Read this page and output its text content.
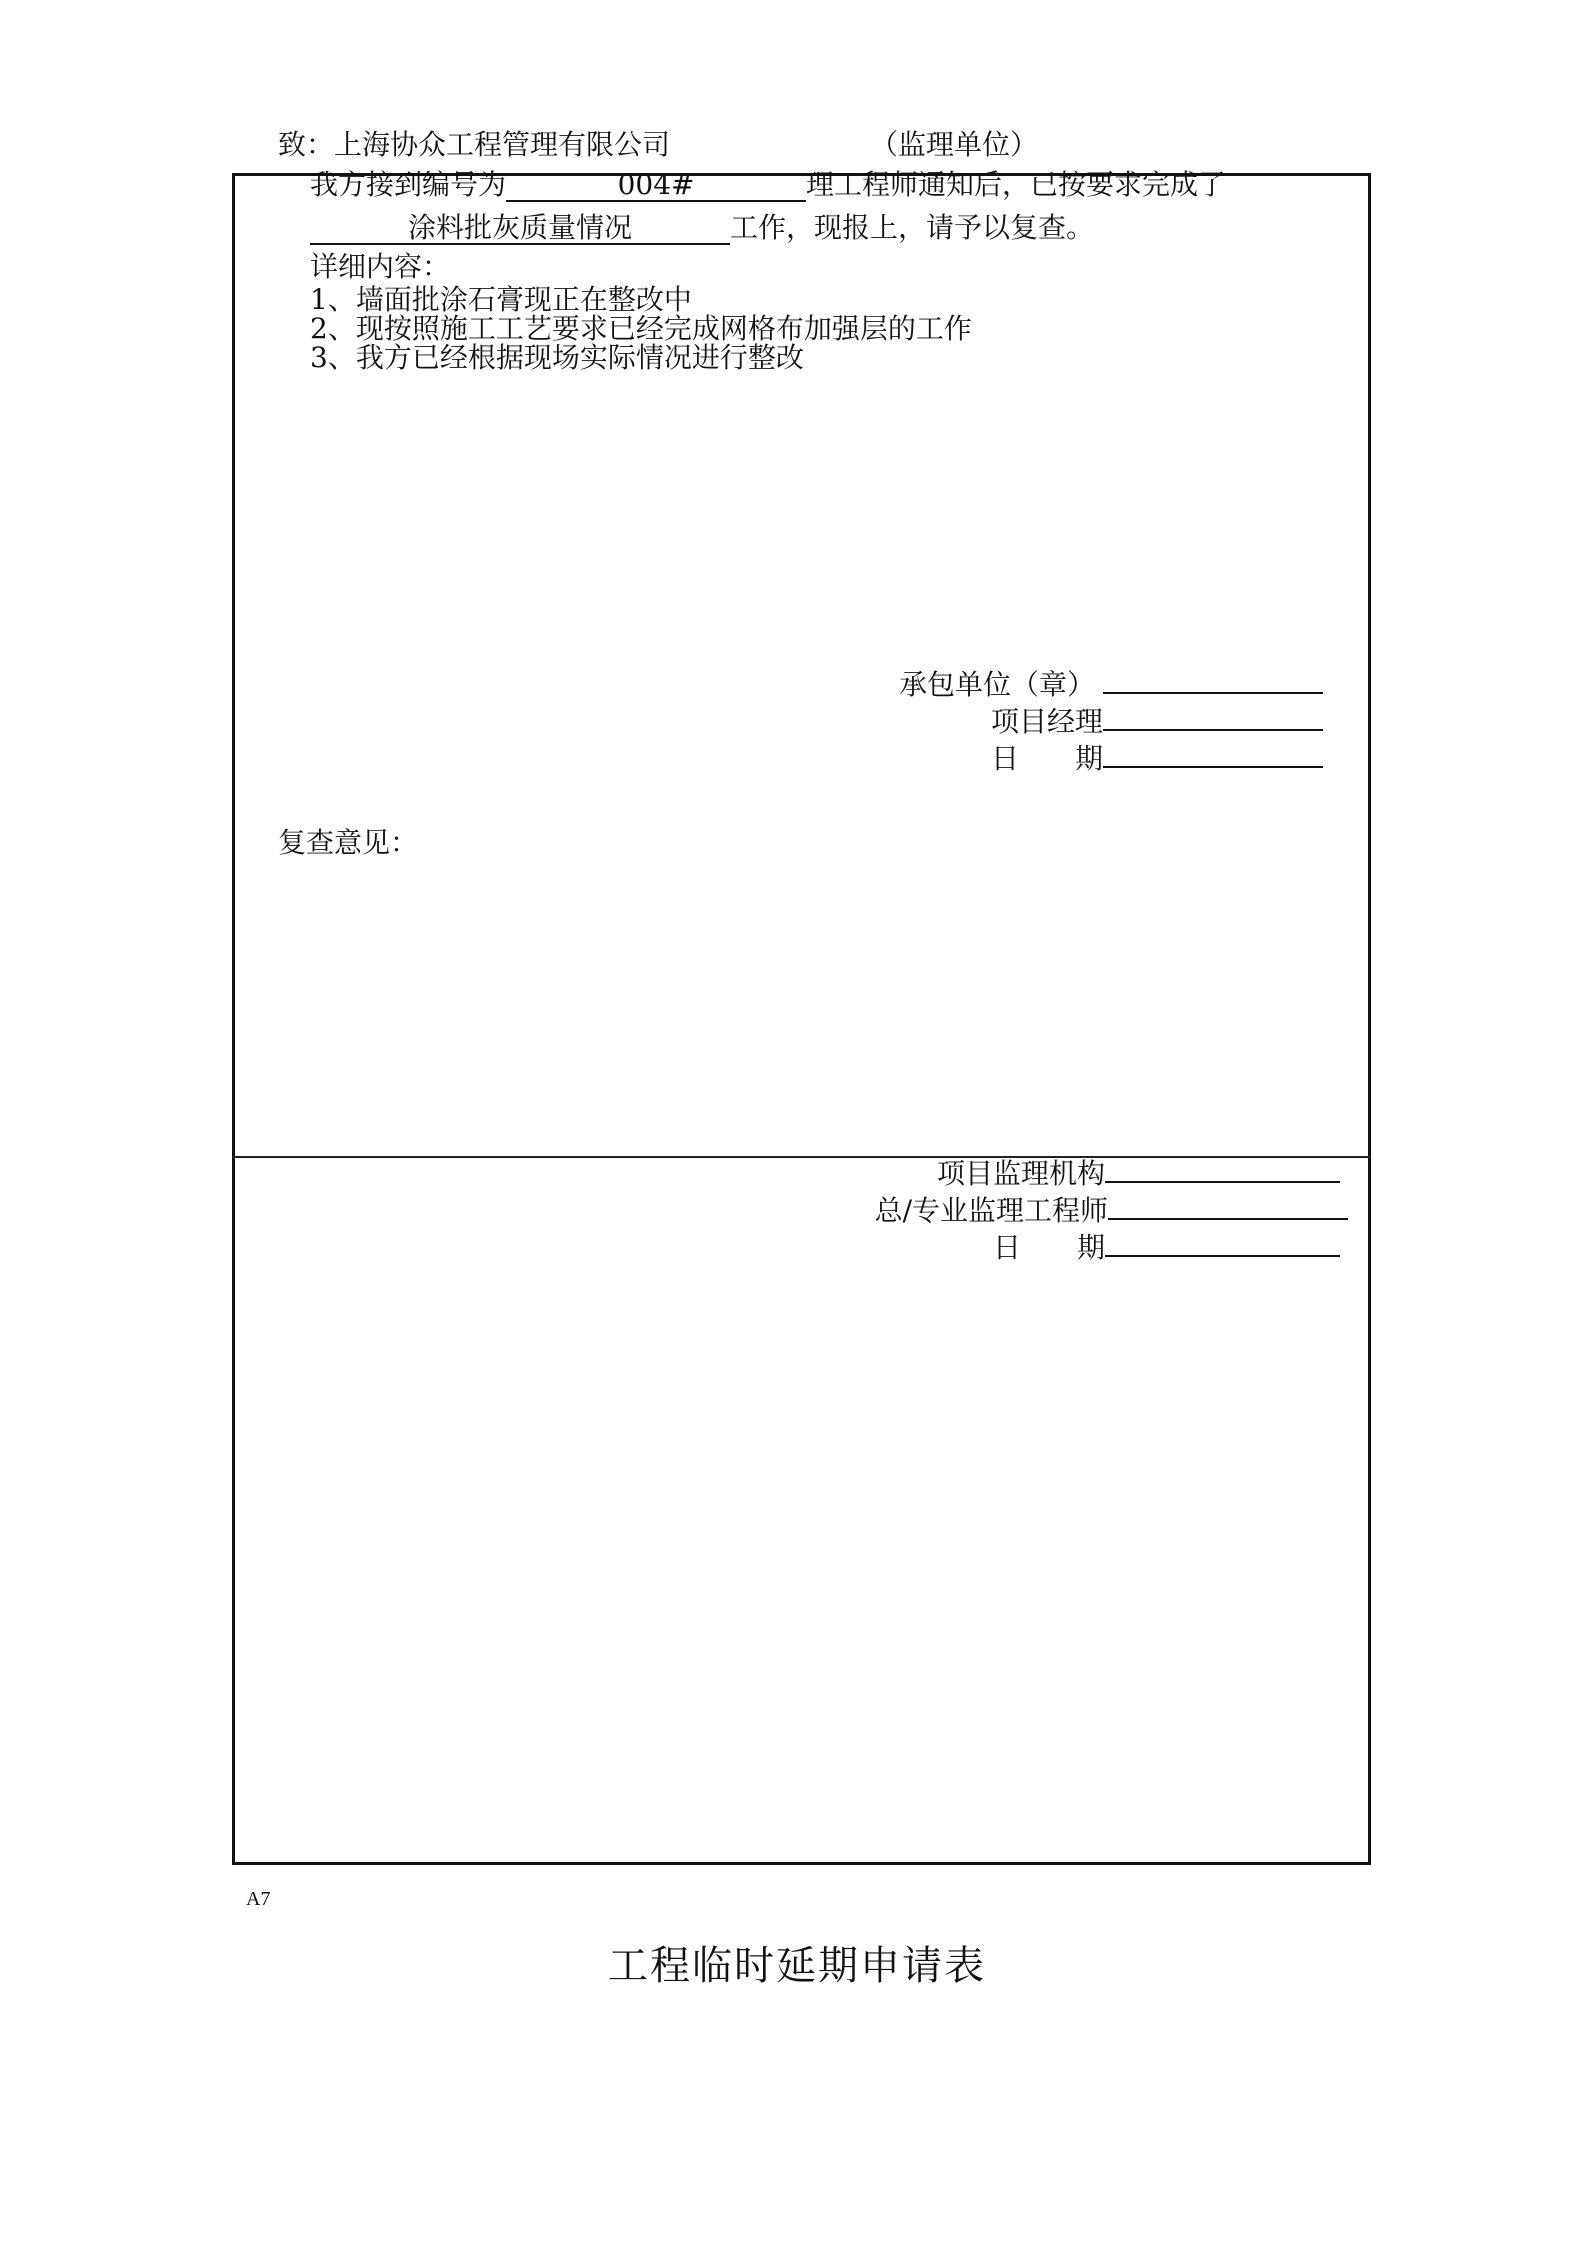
致：上海协众工程管理有限公司	（监理单位）
我方接到编号为	004#	理工程师通知后，已按要求完成了
涂料批灰质量情况	工作，现报上，请予以复查。
详细内容：
1、墙面批涂石膏现正在整改中
2、现按照施工工艺要求已经完成网格布加强层的工作
3、我方已经根据现场实际情况进行整改
承包单位（章）
项目经理
日　　期
复查意见：
项目监理机构
总/专业监理工程师
日　　期
A7
工程临时延期申请表
